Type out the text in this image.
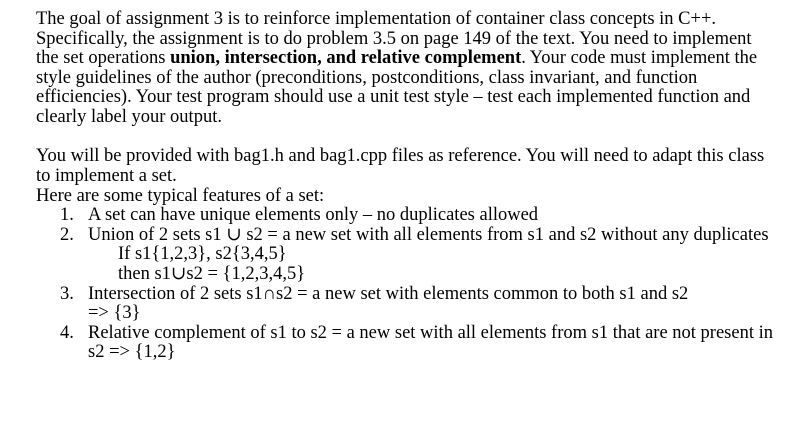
The goal of assignment 3 is to reinforce implementation of container class concepts in C++. Specifically, the assignment is to do problem 3.5 on page 149 of the text. You need to implement the set operations union, intersection, and relative complement. Your code must implement the style guidelines of the author (preconditions, postconditions, class invariant, and function efficiencies). Your test program should use a unit test style – test each implemented function and clearly label your output.

You will be provided with bag1.h and bag1.cpp files as reference. You will need to adapt this class to implement a set.
Here are some typical features of a set:

1. A set can have unique elements only – no duplicates allowed
2. Union of 2 sets s1 ∪ s2 = a new set with all elements from s1 and s2 without any duplicates
If s1{1,2,3}, s2{3,4,5}
then s1∪s2 = {1,2,3,4,5}
3. Intersection of 2 sets s1∩s2 = a new set with elements common to both s1 and s2
=> {3}
4. Relative complement of s1 to s2 = a new set with all elements from s1 that are not present in s2 => {1,2}
